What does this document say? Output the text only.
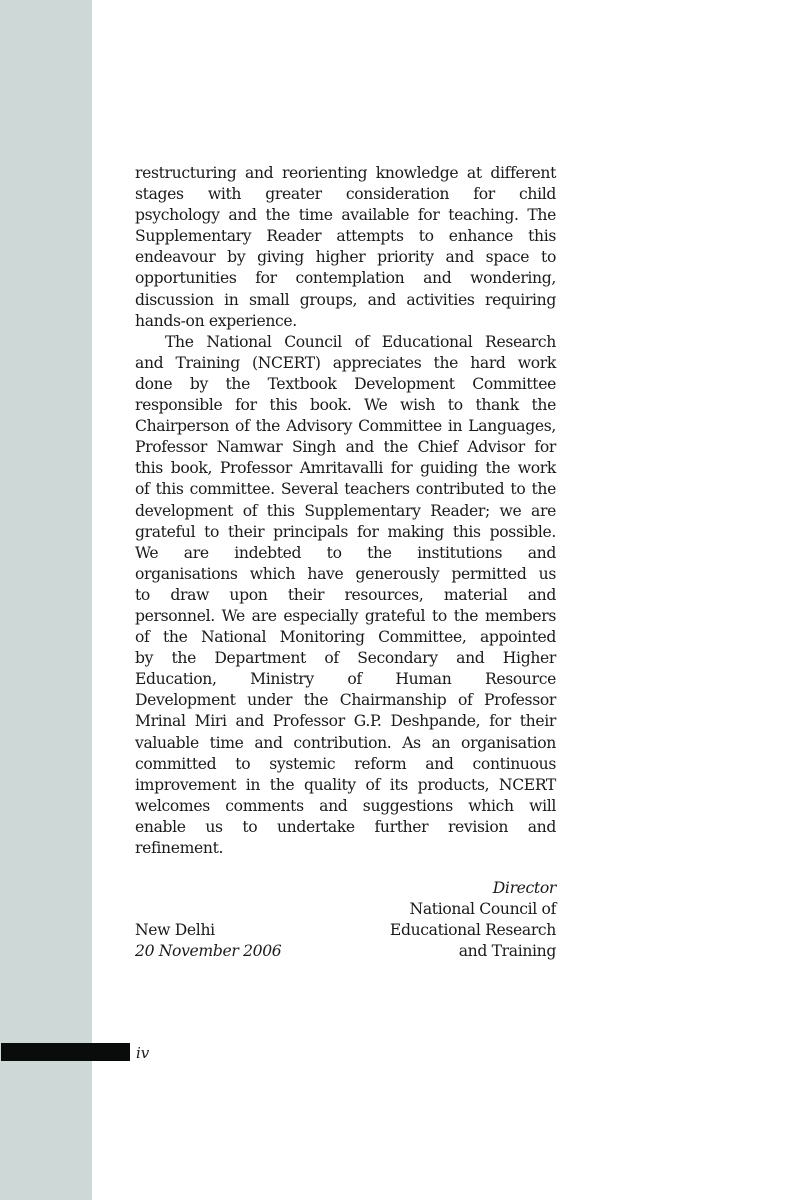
restructuring and reorienting knowledge at different
stages with greater consideration for child
psychology and the time available for teaching. The
Supplementary Reader attempts to enhance this
endeavour by giving higher priority and space to
opportunities for contemplation and wondering,
discussion in small groups, and activities requiring
hands-on experience.
The National Council of Educational Research
and Training (NCERT) appreciates the hard work
done by the Textbook Development Committee
responsible for this book. We wish to thank the
Chairperson of the Advisory Committee in Languages,
Professor Namwar Singh and the Chief Advisor for
this book, Professor Amritavalli for guiding the work
of this committee. Several teachers contributed to the
development of this Supplementary Reader; we are
grateful to their principals for making this possible.
We are indebted to the institutions and
organisations which have generously permitted us
to draw upon their resources, material and
personnel. We are especially grateful to the members
of the National Monitoring Committee, appointed
by the Department of Secondary and Higher
Education, Ministry of Human Resource
Development under the Chairmanship of Professor
Mrinal Miri and Professor G.P. Deshpande, for their
valuable time and contribution. As an organisation
committed to systemic reform and continuous
improvement in the quality of its products, NCERT
welcomes comments and suggestions which will
enable us to undertake further revision and
refinement.
Director
National Council of
Educational Research
and Training
New Delhi
20 November 2006
iv
